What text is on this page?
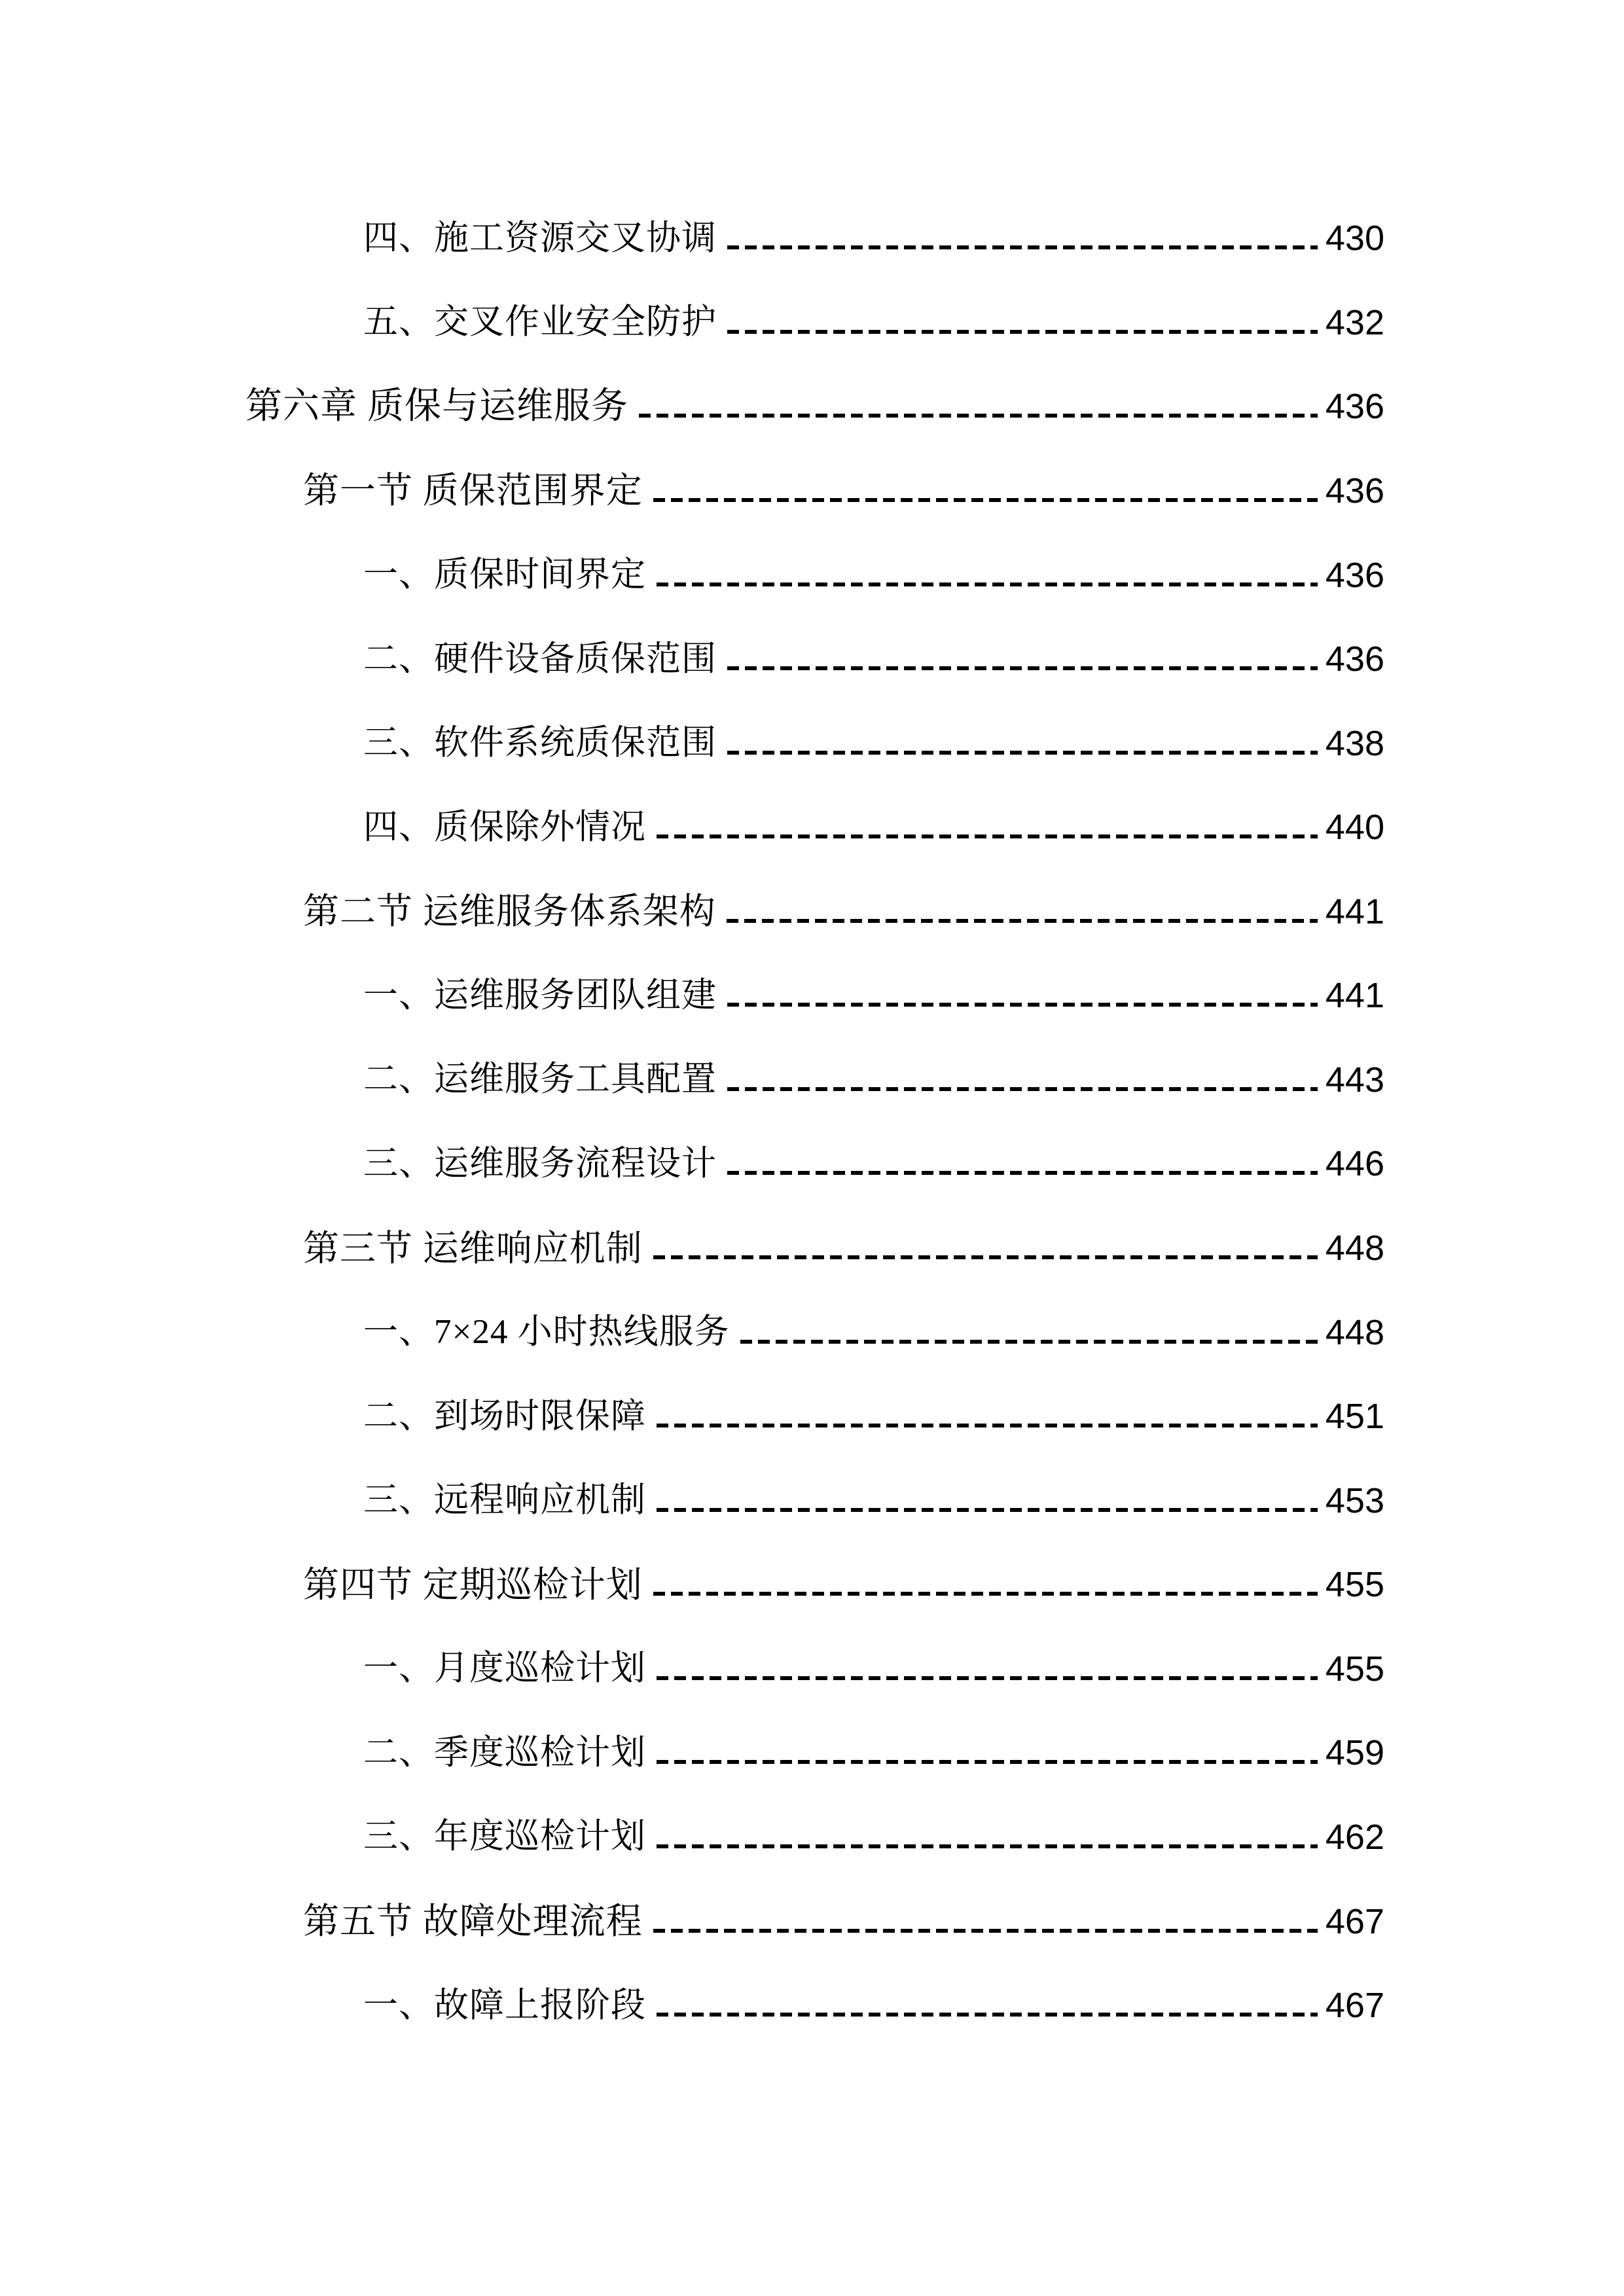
四、施工资源交叉协调	430
五、交叉作业安全防护	432
第六章 质保与运维服务	436
第一节 质保范围界定	436
一、质保时间界定	436
二、硬件设备质保范围	436
三、软件系统质保范围	438
四、质保除外情况	440
第二节 运维服务体系架构	441
一、运维服务团队组建	441
二、运维服务工具配置	443
三、运维服务流程设计	446
第三节 运维响应机制	448
一、7×24 小时热线服务	448
二、到场时限保障	451
三、远程响应机制	453
第四节 定期巡检计划	455
一、月度巡检计划	455
二、季度巡检计划	459
三、年度巡检计划	462
第五节 故障处理流程	467
一、故障上报阶段	467
